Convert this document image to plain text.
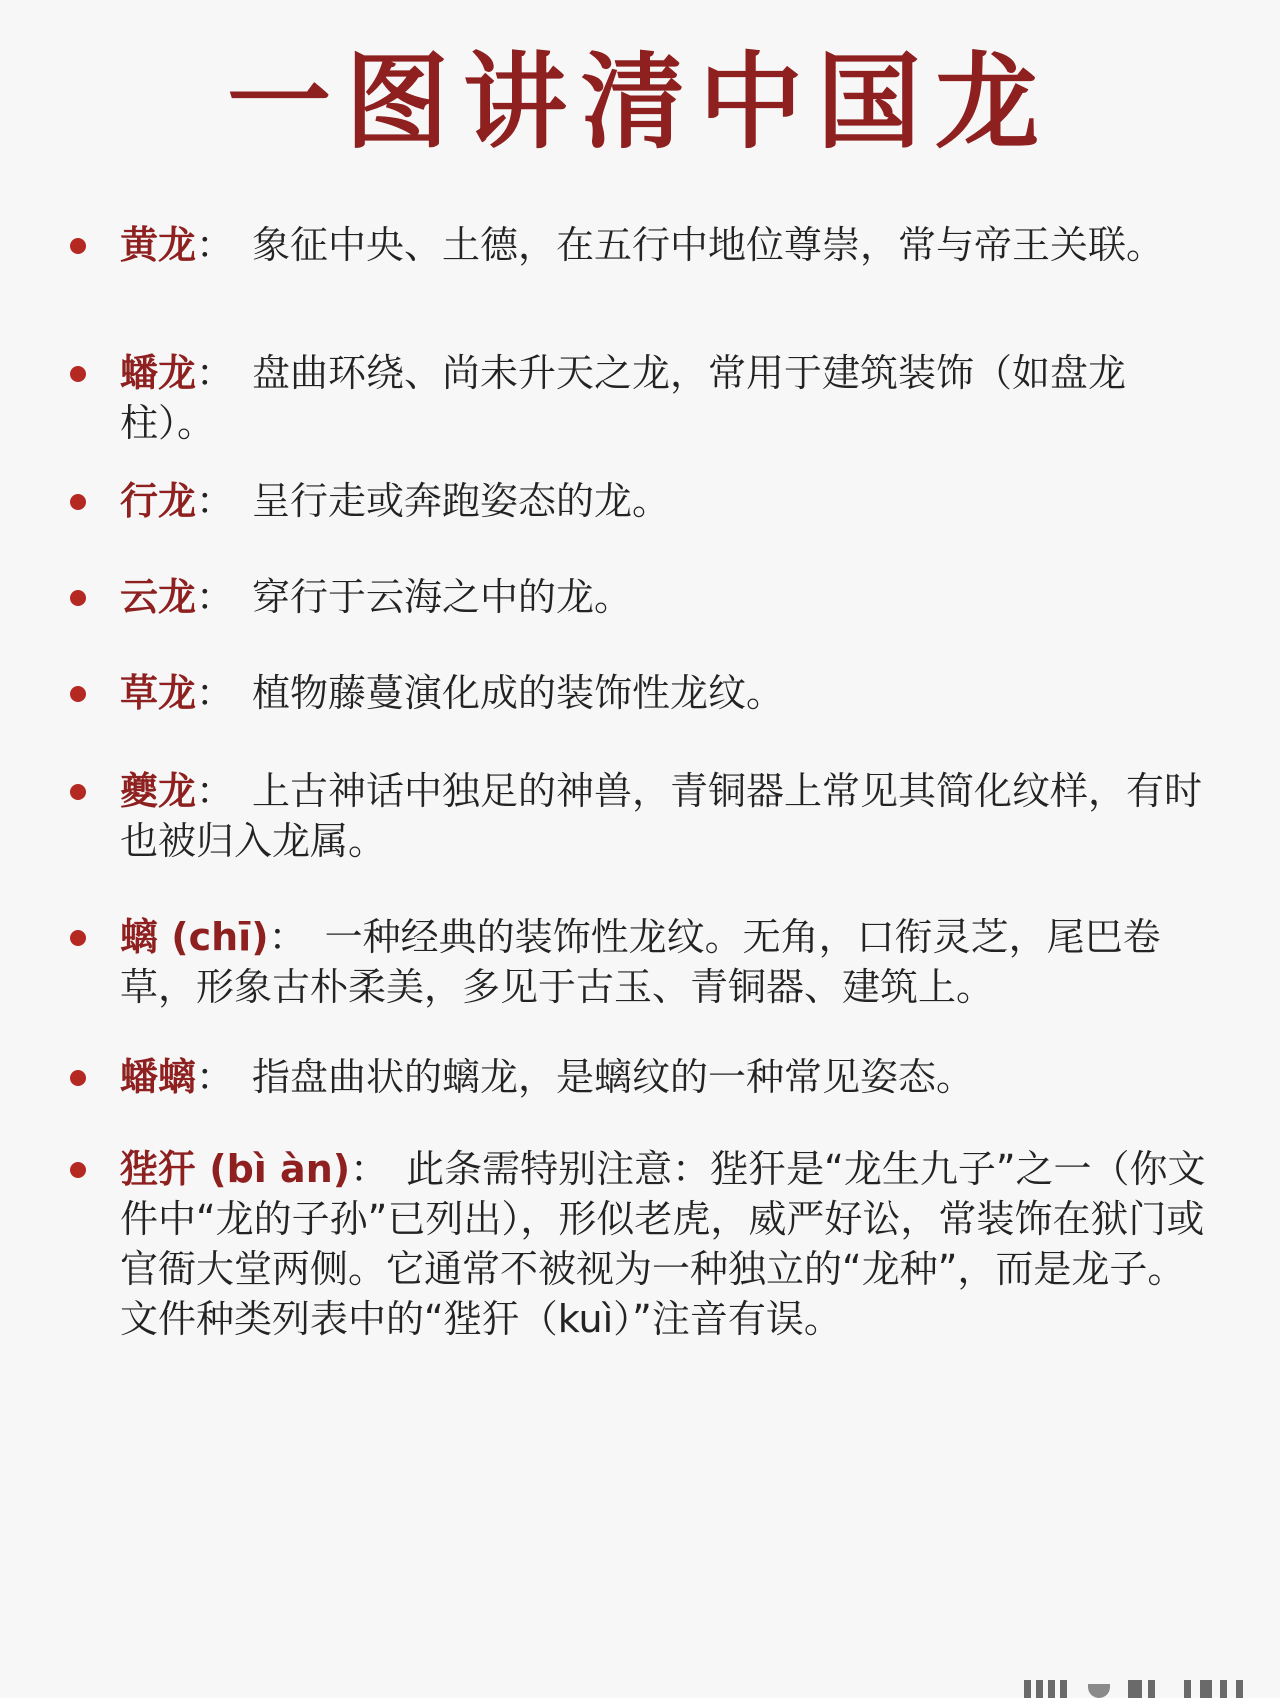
一图讲清中国龙

黄龙： 象征中央、土德，在五行中地位尊崇，常与帝王关联。

蟠龙： 盘曲环绕、尚未升天之龙，常用于建筑装饰（如盘龙柱）。

行龙： 呈行走或奔跑姿态的龙。

云龙： 穿行于云海之中的龙。

草龙： 植物藤蔓演化成的装饰性龙纹。

夔龙： 上古神话中独足的神兽，青铜器上常见其简化纹样，有时也被归入龙属。

螭 (chī)： 一种经典的装饰性龙纹。无角，口衔灵芝，尾巴卷草，形象古朴柔美，多见于古玉、青铜器、建筑上。

蟠螭： 指盘曲状的螭龙，是螭纹的一种常见姿态。

狴犴 (bì àn)： 此条需特别注意：狴犴是“龙生九子”之一（你文件中“龙的子孙”已列出），形似老虎，威严好讼，常装饰在狱门或官衙大堂两侧。它通常不被视为一种独立的“龙种”，而是龙子。文件种类列表中的“狴犴（kuì）”注音有误。
